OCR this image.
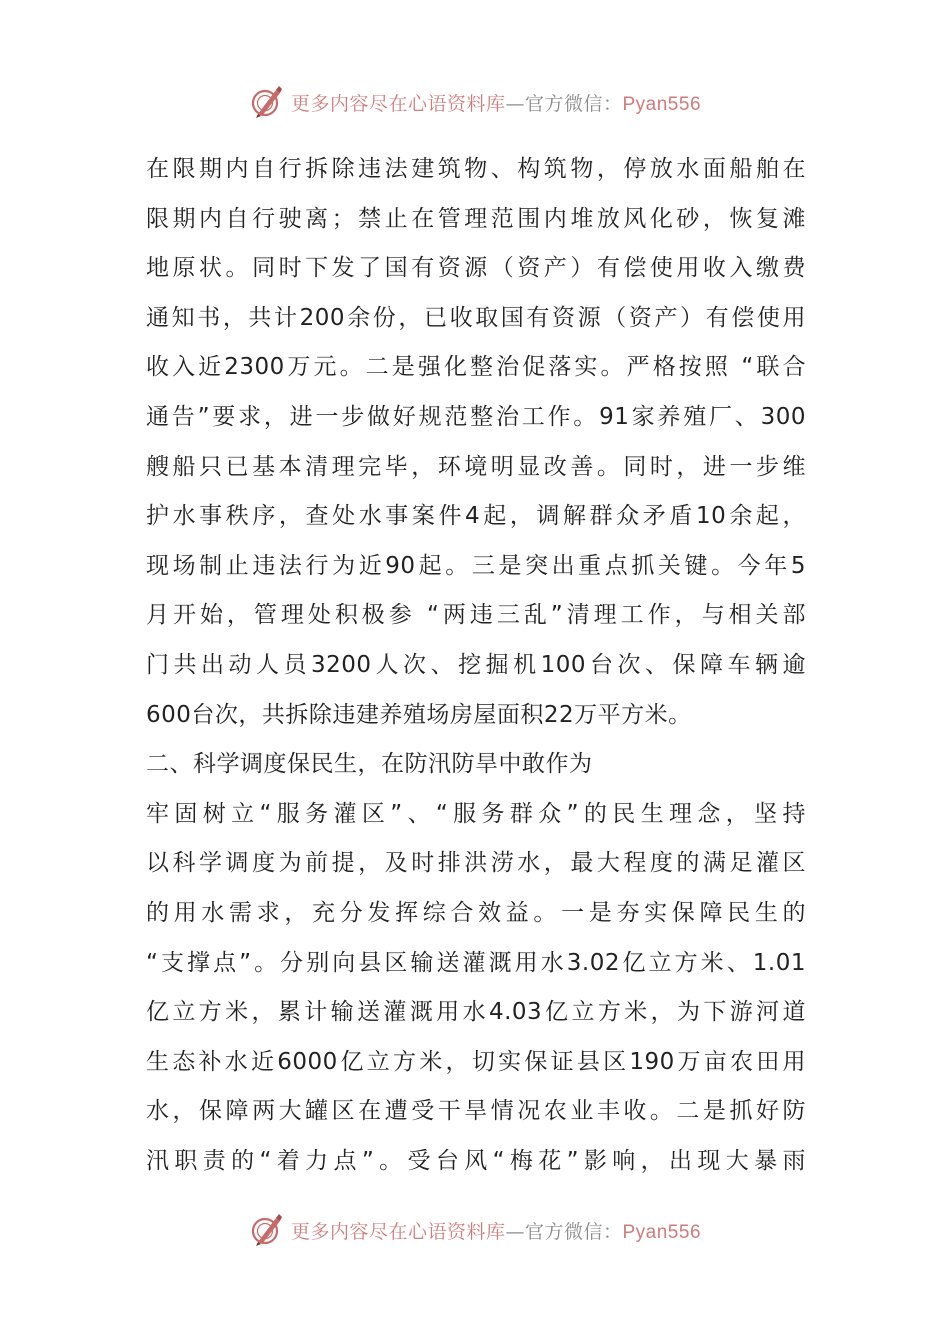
更多内容尽在心语资料库—官方微信：Pyan556
在限期内自行拆除违法建筑物、构筑物，停放水面船舶在
限期内自行驶离；禁止在管理范围内堆放风化砂，恢复滩
地原状。同时下发了国有资源（资产）有偿使用收入缴费
通知书，共计200余份，已收取国有资源（资产）有偿使用
收入近2300万元。二是强化整治促落实。严格按照 “联合
通告”要求，进一步做好规范整治工作。91家养殖厂、300
艘船只已基本清理完毕，环境明显改善。同时，进一步维
护水事秩序，查处水事案件4起，调解群众矛盾10余起，
现场制止违法行为近90起。三是突出重点抓关键。今年5
月开始，管理处积极参 “两违三乱”清理工作，与相关部
门共出动人员3200人次、挖掘机100台次、保障车辆逾
600台次，共拆除违建养殖场房屋面积22万平方米。
二、科学调度保民生，在防汛防旱中敢作为
牢固树立“服务灌区”、“服务群众”的民生理念，坚持
以科学调度为前提，及时排洪涝水，最大程度的满足灌区
的用水需求，充分发挥综合效益。一是夯实保障民生的
“支撑点”。分别向县区输送灌溉用水3.02亿立方米、1.01
亿立方米，累计输送灌溉用水4.03亿立方米，为下游河道
生态补水近6000亿立方米，切实保证县区190万亩农田用
水，保障两大罐区在遭受干旱情况农业丰收。二是抓好防
汛职责的“着力点”。受台风“梅花”影响，出现大暴雨
更多内容尽在心语资料库—官方微信：Pyan556
